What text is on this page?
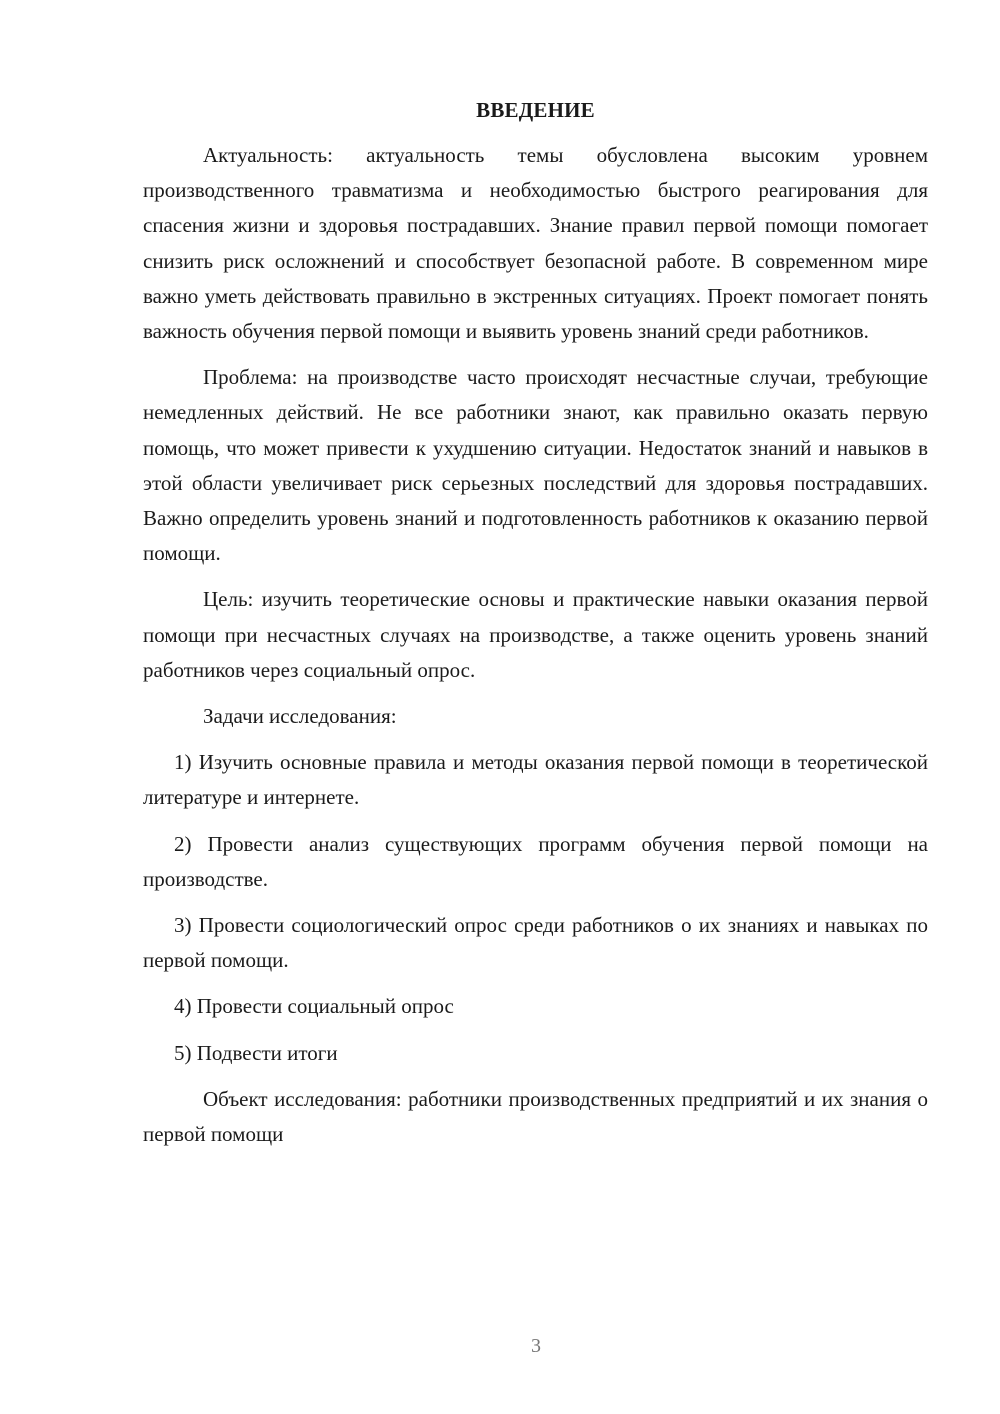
ВВЕДЕНИЕ

Актуальность: актуальность темы обусловлена высоким уровнем производственного травматизма и необходимостью быстрого реагирования для спасения жизни и здоровья пострадавших. Знание правил первой помощи помогает снизить риск осложнений и способствует безопасной работе. В современном мире важно уметь действовать правильно в экстренных ситуациях. Проект помогает понять важность обучения первой помощи и выявить уровень знаний среди работников.

Проблема: на производстве часто происходят несчастные случаи, требующие немедленных действий. Не все работники знают, как правильно оказать первую помощь, что может привести к ухудшению ситуации. Недостаток знаний и навыков в этой области увеличивает риск серьезных последствий для здоровья пострадавших. Важно определить уровень знаний и подготовленность работников к оказанию первой помощи.

Цель: изучить теоретические основы и практические навыки оказания первой помощи при несчастных случаях на производстве, а также оценить уровень знаний работников через социальный опрос.

Задачи исследования:

1) Изучить основные правила и методы оказания первой помощи в теоретической литературе и интернете.

2) Провести анализ существующих программ обучения первой помощи на производстве.

3) Провести социологический опрос среди работников о их знаниях и навыках по первой помощи.

4) Провести социальный опрос

5) Подвести итоги

Объект исследования: работники производственных предприятий и их знания о первой помощи

3
